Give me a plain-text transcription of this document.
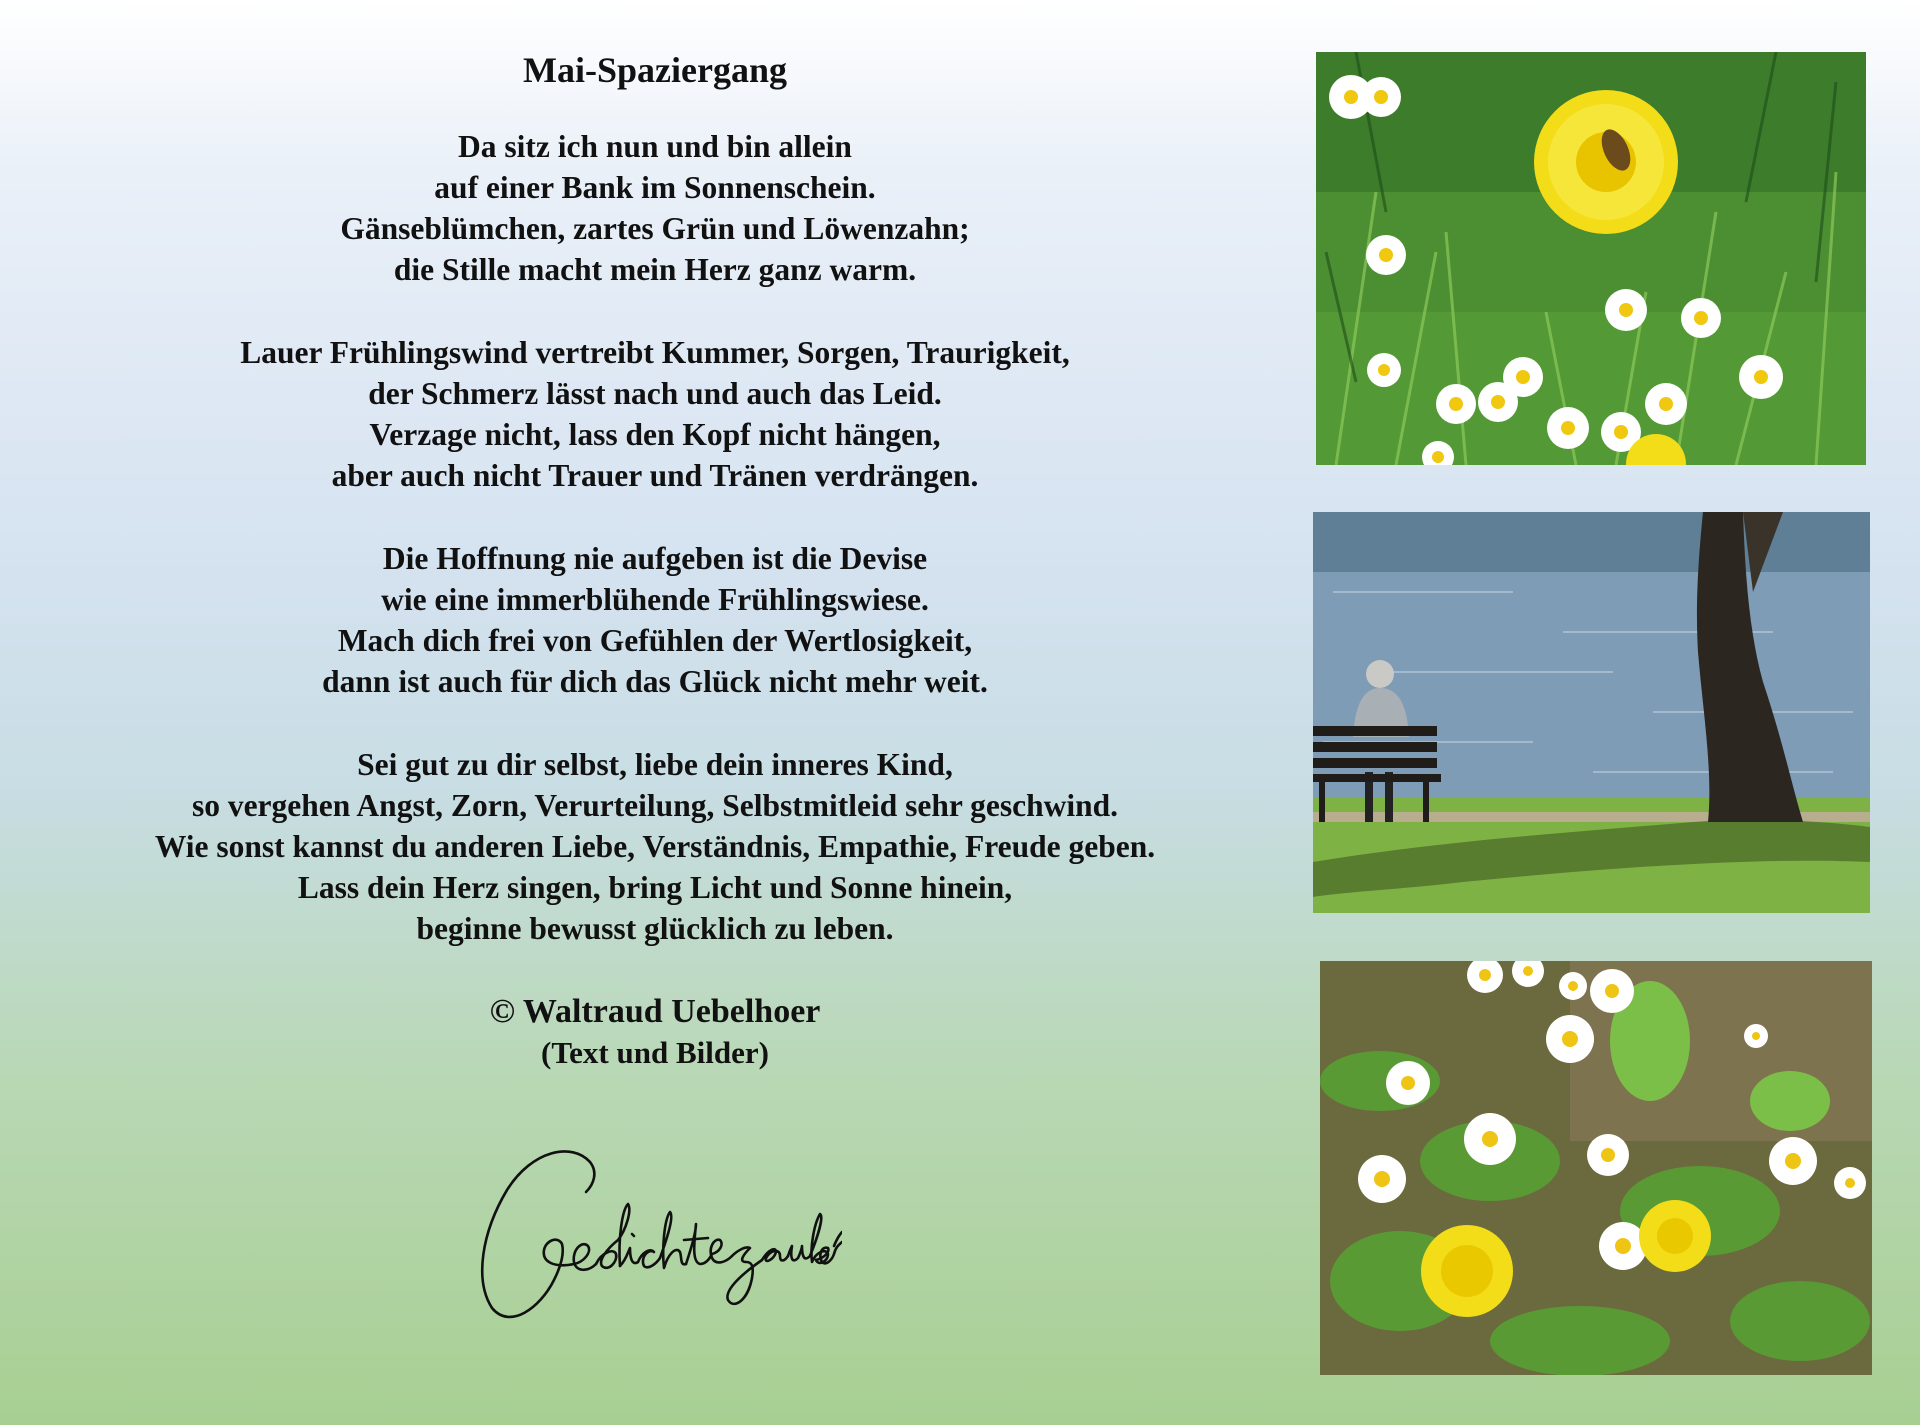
Mai-Spaziergang
Da sitz ich nun und bin allein
auf einer Bank im Sonnenschein.
Gänseblümchen, zartes Grün und Löwenzahn;
die Stille macht mein Herz ganz warm.
Lauer Frühlingswind vertreibt Kummer, Sorgen, Traurigkeit,
der Schmerz lässt nach und auch das Leid.
Verzage nicht, lass den Kopf nicht hängen,
aber auch nicht Trauer und Tränen verdrängen.
Die Hoffnung nie aufgeben ist die Devise
wie eine immerblühende Frühlingswiese.
Mach dich frei von Gefühlen der Wertlosigkeit,
dann ist auch für dich das Glück nicht mehr weit.
Sei gut zu dir selbst, liebe dein inneres Kind,
so vergehen Angst, Zorn, Verurteilung, Selbstmitleid sehr geschwind.
Wie sonst kannst du anderen Liebe, Verständnis, Empathie, Freude geben.
Lass dein Herz singen, bring Licht und Sonne hinein,
beginne bewusst glücklich zu leben.
© Waltraud Uebelhoer
(Text und Bilder)
